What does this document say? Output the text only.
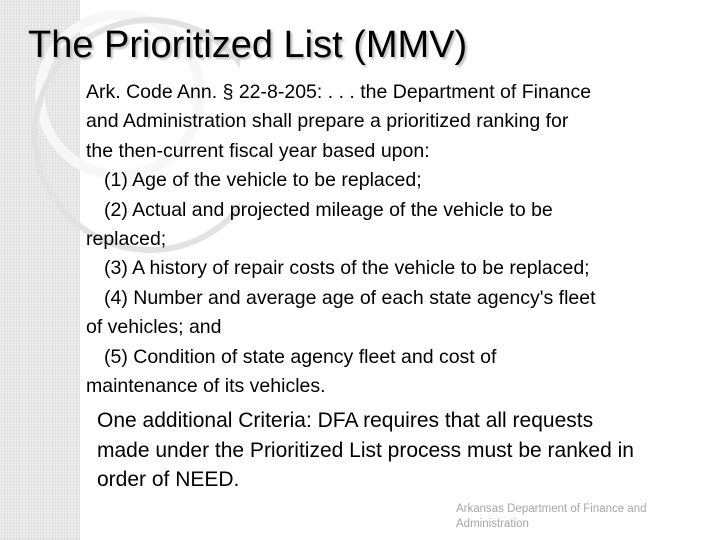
The Prioritized List (MMV)
Ark. Code Ann. § 22-8-205: . . . the Department of Finance
and Administration shall prepare a prioritized ranking for
the then-current fiscal year based upon:
(1) Age of the vehicle to be replaced;
(2) Actual and projected mileage of the vehicle to be
replaced;
(3) A history of repair costs of the vehicle to be replaced;
(4) Number and average age of each state agency's fleet
of vehicles; and
(5) Condition of state agency fleet and cost of
maintenance of its vehicles.
One additional Criteria: DFA requires that all requests
made under the Prioritized List process must be ranked in
order of NEED.
Arkansas Department of Finance and
Administration
